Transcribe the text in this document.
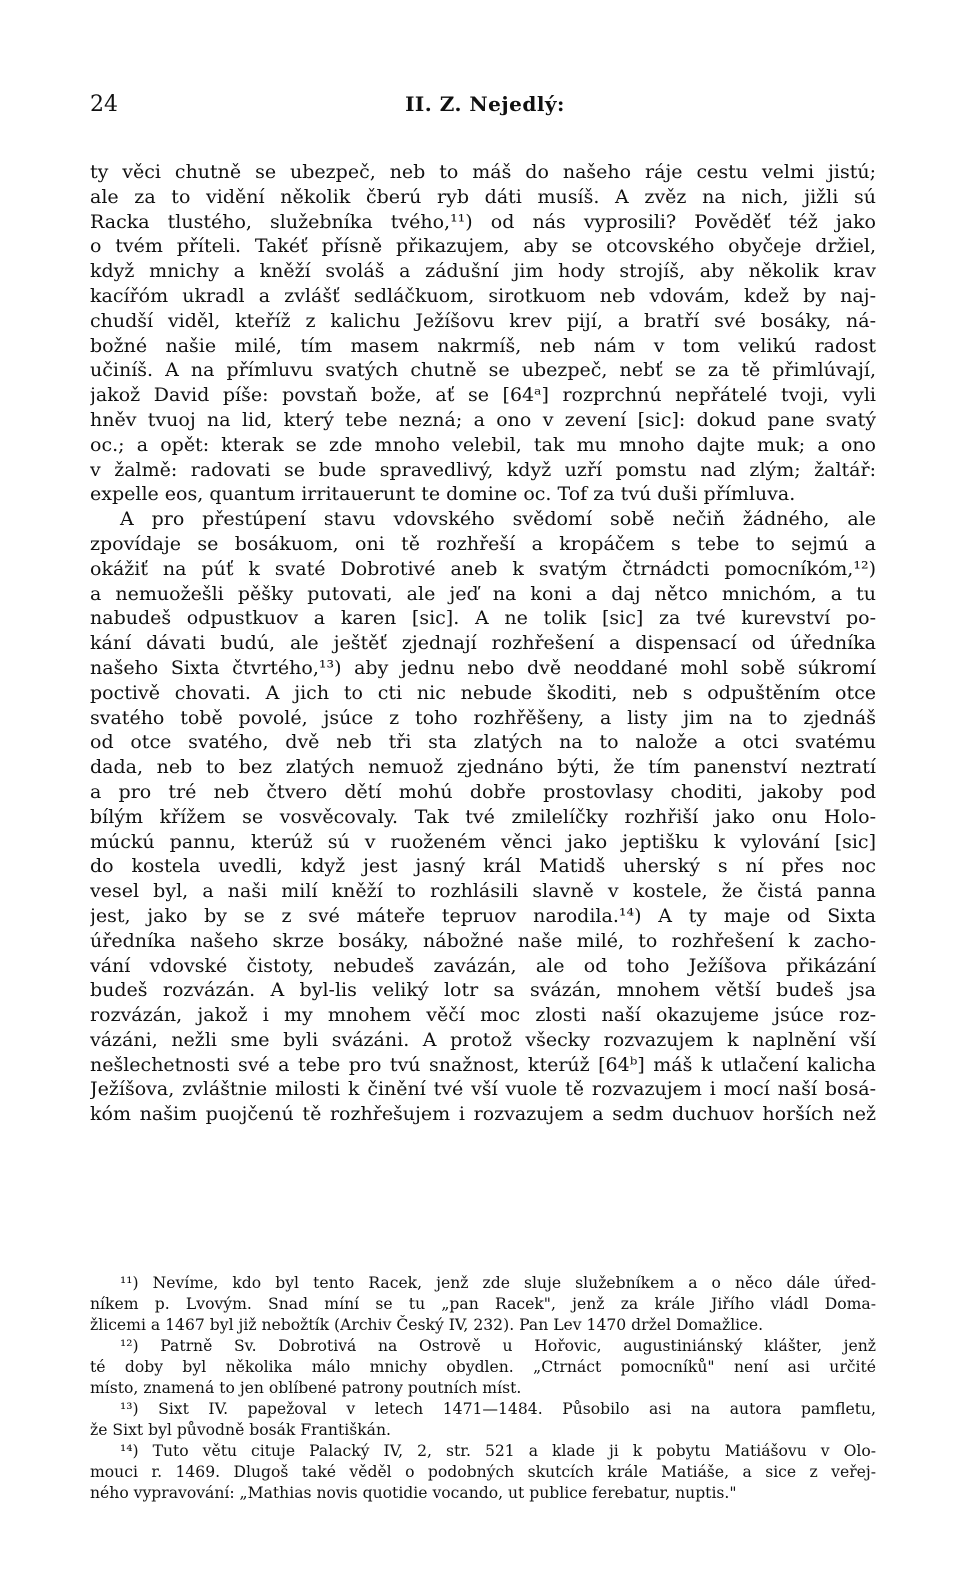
24	II. Z. Nejedlý:
ty věci chutně se ubezpeč, neb to máš do našeho ráje cestu velmi jistú;
ale za to vidění několik čberú ryb dáti musíš. A zvěz na nich, jižli sú
Racka tlustého, služebníka tvého,¹¹) od nás vyprosili? Pověděť též jako
o tvém příteli. Takéť přísně přikazujem, aby se otcovského obyčeje držiel,
když mnichy a kněží svoláš a zádušní jim hody strojíš, aby několik krav
kacířóm ukradl a zvlášť sedláčkuom, sirotkuom neb vdovám, kdež by naj-
chudší viděl, kteříž z kalichu Ježíšovu krev pijí, a bratří své bosáky, ná-
božné našie milé, tím masem nakrmíš, neb nám v tom velikú radost
učiníš. A na přímluvu svatých chutně se ubezpeč, nebť se za tě přimlúvají,
jakož David píše: povstaň bože, ať se [64ᵃ] rozprchnú nepřátelé tvoji, vyli
hněv tvuoj na lid, který tebe nezná; a ono v zevení [sic]: dokud pane svatý
oc.; a opět: kterak se zde mnoho velebil, tak mu mnoho dajte muk; a ono
v žalmě: radovati se bude spravedlivý, když uzří pomstu nad zlým; žaltář:
expelle eos, quantum irritauerunt te domine oc. Tof za tvú duši přímluva.
A pro přestúpení stavu vdovského svědomí sobě nečiň žádného, ale
zpovídaje se bosákuom, oni tě rozhřeší a kropáčem s tebe to sejmú a
okážiť na púť k svaté Dobrotivé aneb k svatým čtrnádcti pomocníkóm,¹²)
a nemuožešli pěšky putovati, ale jeď na koni a daj nětco mnichóm, a tu
nabudeš odpustkuov a karen [sic]. A ne tolik [sic] za tvé kurevství po-
kání dávati budú, ale ještěť zjednají rozhřešení a dispensací od úředníka
našeho Sixta čtvrtého,¹³) aby jednu nebo dvě neoddané mohl sobě súkromí
poctivě chovati. A jich to cti nic nebude škoditi, neb s odpuštěním otce
svatého tobě povolé, jsúce z toho rozhřěšeny, a listy jim na to zjednáš
od otce svatého, dvě neb tři sta zlatých na to nalože a otci svatému
dada, neb to bez zlatých nemuož zjednáno býti, že tím panenství neztratí
a pro tré neb čtvero dětí mohú dobře prostovlasy choditi, jakoby pod
bílým křížem se vosvěcovaly. Tak tvé zmilelíčky rozhřiší jako onu Holo-
múckú pannu, kterúž sú v ruoženém věnci jako jeptišku k vylování [sic]
do kostela uvedli, když jest jasný král Matidš uherský s ní přes noc
vesel byl, a naši milí kněží to rozhlásili slavně v kostele, že čistá panna
jest, jako by se z své máteře tepruov narodila.¹⁴) A ty maje od Sixta
úředníka našeho skrze bosáky, nábožné naše milé, to rozhřešení k zacho-
vání vdovské čistoty, nebudeš zavázán, ale od toho Ježíšova přikázání
budeš rozvázán. A byl-lis veliký lotr sa svázán, mnohem větší budeš jsa
rozvázán, jakož i my mnohem věčí moc zlosti naší okazujeme jsúce roz-
vázáni, nežli sme byli svázáni. A protož všecky rozvazujem k naplnění vší
nešlechetnosti své a tebe pro tvú snažnost, kterúž [64ᵇ] máš k utlačení kalicha
Ježíšova, zvláštnie milosti k činění tvé vší vuole tě rozvazujem i mocí naší bosá-
kóm našim puojčenú tě rozhřešujem i rozvazujem a sedm duchuov horších než
¹¹) Nevíme, kdo byl tento Racek, jenž zde sluje služebníkem a o něco dále úřed-
níkem p. Lvovým. Snad míní se tu „pan Racek", jenž za krále Jiřího vládl Doma-
žlicemi a 1467 byl již nebožtík (Archiv Český IV, 232). Pan Lev 1470 držel Domažlice.
¹²) Patrně Sv. Dobrotivá na Ostrově u Hořovic, augustiniánský klášter, jenž
té doby byl několika málo mnichy obydlen. „Ctrnáct pomocníků" není asi určité
místo, znamená to jen oblíbené patrony poutních míst.
¹³) Sixt IV. papežoval v letech 1471—1484. Působilo asi na autora pamfletu,
že Sixt byl původně bosák Františkán.
¹⁴) Tuto větu cituje Palacký IV, 2, str. 521 a klade ji k pobytu Matiášovu v Olo-
mouci r. 1469. Dlugoš také věděl o podobných skutcích krále Matiáše, a sice z veřej-
ného vypravování: „Mathias novis quotidie vocando, ut publice ferebatur, nuptis."
